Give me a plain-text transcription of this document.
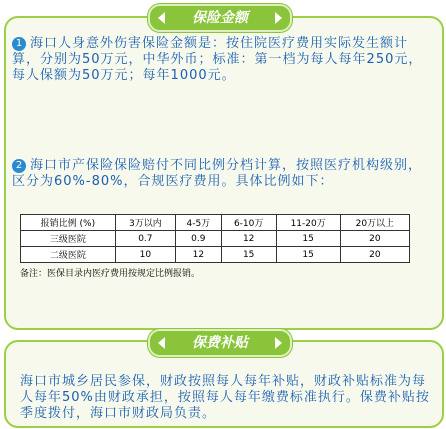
保险金额
1 海口人身意外伤害保险金额是：按住院医疗费用实际发生额计算，分别为50万元，中华外币；标准：第一档为每人每年250元，每人保额为50万元；每年1000元。
2 海口市产保险保险赔付不同比例分档计算，按照医疗机构级别，区分为60%-80%，合规医疗费用。具体比例如下：
报销比例 (%)	3万以内	4-5万	6-10万	11-20万	20万以上
三级医院	0.7	0.9	12	15	20
二级医院	10	12	15	15	20
备注：医保目录内医疗费用按规定比例报销。
保费补贴
海口市城乡居民参保，财政按照每人每年补贴，财政补贴标准为每人每年50%由财政承担，按照每人每年缴费标准执行。保费补贴按季度拨付，海口市财政局负责。
